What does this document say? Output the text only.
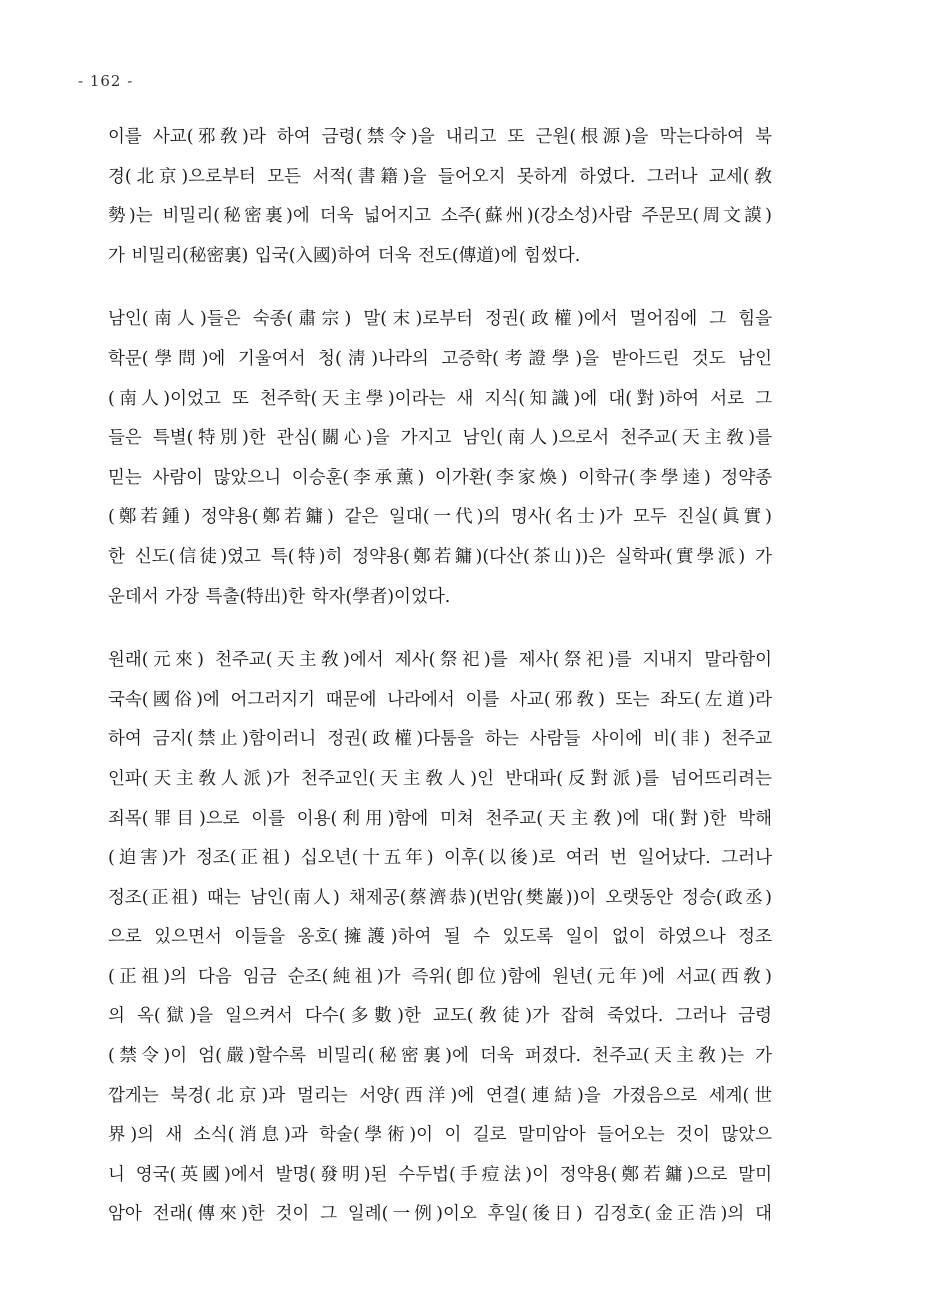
- 162 -
이를 사교(邪敎)라 하여 금령(禁令)을 내리고 또 근원(根源)을 막는다하여 북
경(北京)으로부터 모든 서적(書籍)을 들어오지 못하게 하였다. 그러나 교세(敎
勢)는 비밀리(秘密裏)에 더욱 넓어지고 소주(蘇州)(강소성)사람 주문모(周文謨)
가 비밀리(秘密裏) 입국(入國)하여 더욱 전도(傳道)에 힘썼다.
남인(南人)들은 숙종(肅宗) 말(末)로부터 정권(政權)에서 멀어짐에 그 힘을
학문(學問)에 기울여서 청(淸)나라의 고증학(考證學)을 받아드린 것도 남인
(南人)이었고 또 천주학(天主學)이라는 새 지식(知識)에 대(對)하여 서로 그
들은 특별(特別)한 관심(關心)을 가지고 남인(南人)으로서 천주교(天主敎)를
믿는 사람이 많았으니 이승훈(李承薰) 이가환(李家煥) 이학규(李學逵) 정약종
(鄭若鍾) 정약용(鄭若鏞) 같은 일대(一代)의 명사(名士)가 모두 진실(眞實)
한 신도(信徒)였고 특(特)히 정약용(鄭若鏞)(다산(茶山))은 실학파(實學派) 가
운데서 가장 특출(特出)한 학자(學者)이었다.
원래(元來) 천주교(天主敎)에서 제사(祭祀)를 제사(祭祀)를 지내지 말라함이
국속(國俗)에 어그러지기 때문에 나라에서 이를 사교(邪敎) 또는 좌도(左道)라
하여 금지(禁止)함이러니 정권(政權)다툼을 하는 사람들 사이에 비(非) 천주교
인파(天主敎人派)가 천주교인(天主敎人)인 반대파(反對派)를 넘어뜨리려는
죄목(罪目)으로 이를 이용(利用)함에 미쳐 천주교(天主敎)에 대(對)한 박해
(迫害)가 정조(正祖) 십오년(十五年) 이후(以後)로 여러 번 일어났다. 그러나
정조(正祖) 때는 남인(南人) 채제공(蔡濟恭)(번암(樊巖))이 오랫동안 정승(政丞)
으로 있으면서 이들을 옹호(擁護)하여 될 수 있도록 일이 없이 하였으나 정조
(正祖)의 다음 임금 순조(純祖)가 즉위(卽位)함에 원년(元年)에 서교(西敎)
의 옥(獄)을 일으켜서 다수(多數)한 교도(敎徒)가 잡혀 죽었다. 그러나 금령
(禁令)이 엄(嚴)할수록 비밀리(秘密裏)에 더욱 퍼졌다. 천주교(天主敎)는 가
깝게는 북경(北京)과 멀리는 서양(西洋)에 연결(連結)을 가졌음으로 세계(世
界)의 새 소식(消息)과 학술(學術)이 이 길로 말미암아 들어오는 것이 많았으
니 영국(英國)에서 발명(發明)된 수두법(手痘法)이 정약용(鄭若鏞)으로 말미
암아 전래(傳來)한 것이 그 일례(一例)이오 후일(後日) 김정호(金正浩)의 대
